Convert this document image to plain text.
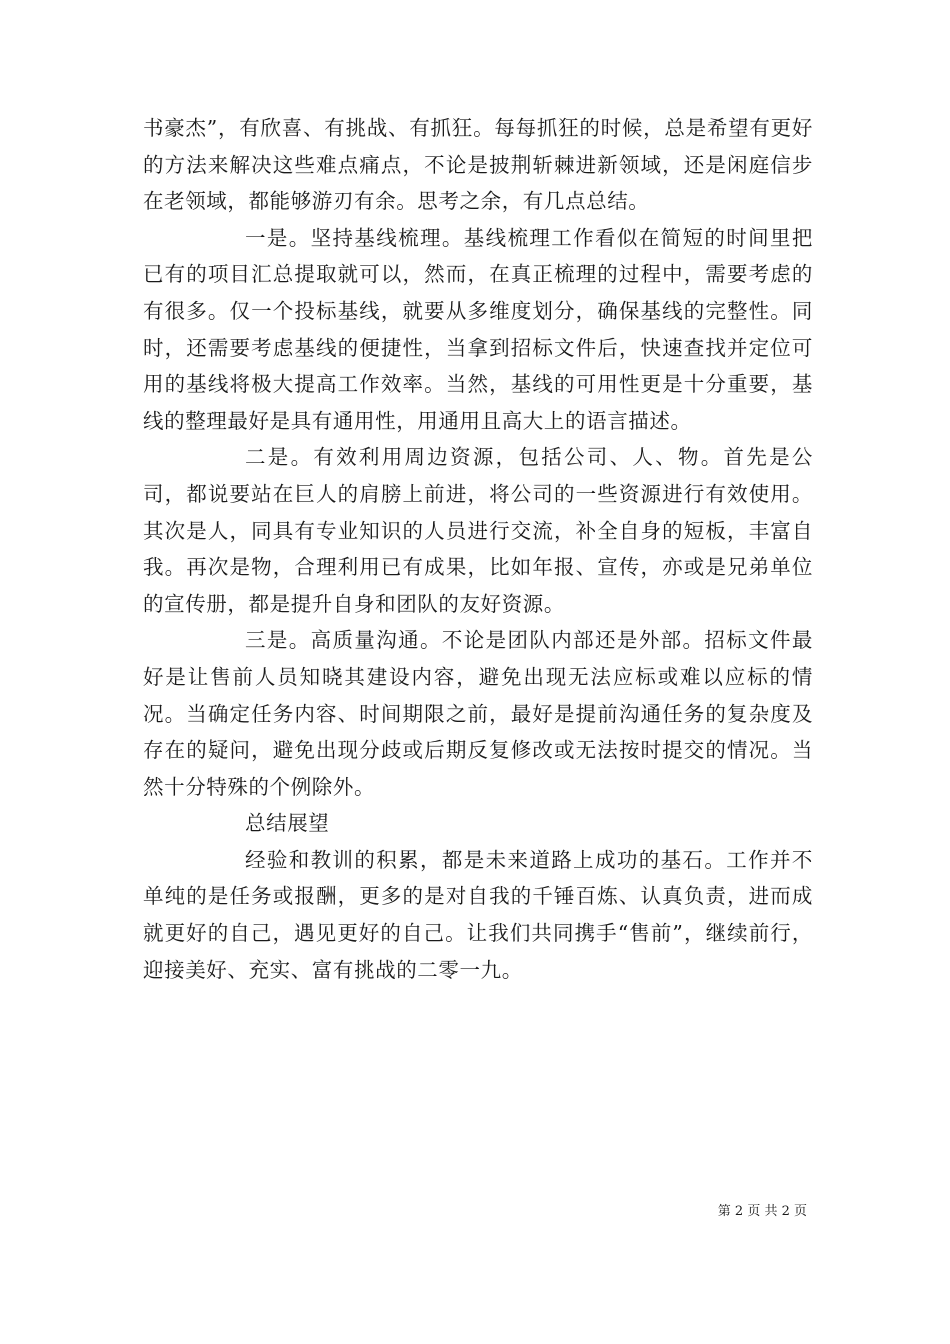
书豪杰”，有欣喜、有挑战、有抓狂。每每抓狂的时候，总是希望有更好的方法来解决这些难点痛点，不论是披荆斩棘进新领域，还是闲庭信步在老领域，都能够游刃有余。思考之余，有几点总结。

一是。坚持基线梳理。基线梳理工作看似在简短的时间里把已有的项目汇总提取就可以，然而，在真正梳理的过程中，需要考虑的有很多。仅一个投标基线，就要从多维度划分，确保基线的完整性。同时，还需要考虑基线的便捷性，当拿到招标文件后，快速查找并定位可用的基线将极大提高工作效率。当然，基线的可用性更是十分重要，基线的整理最好是具有通用性，用通用且高大上的语言描述。

二是。有效利用周边资源，包括公司、人、物。首先是公司，都说要站在巨人的肩膀上前进，将公司的一些资源进行有效使用。其次是人，同具有专业知识的人员进行交流，补全自身的短板，丰富自我。再次是物，合理利用已有成果，比如年报、宣传，亦或是兄弟单位的宣传册，都是提升自身和团队的友好资源。

三是。高质量沟通。不论是团队内部还是外部。招标文件最好是让售前人员知晓其建设内容，避免出现无法应标或难以应标的情况。当确定任务内容、时间期限之前，最好是提前沟通任务的复杂度及存在的疑问，避免出现分歧或后期反复修改或无法按时提交的情况。当然十分特殊的个例除外。

总结展望

经验和教训的积累，都是未来道路上成功的基石。工作并不单纯的是任务或报酬，更多的是对自我的千锤百炼、认真负责，进而成就更好的自己，遇见更好的自己。让我们共同携手“售前”，继续前行，迎接美好、充实、富有挑战的二零一九。

第 2 页 共 2 页
